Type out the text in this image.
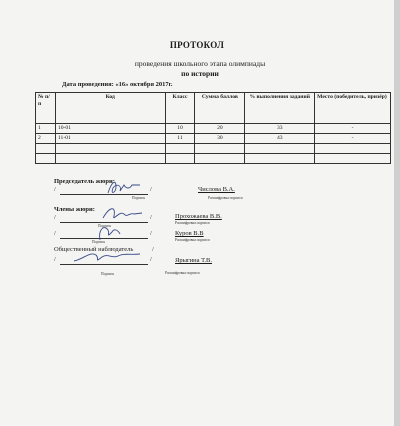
ПРОТОКОЛ
проведения школьного этапа олимпиады
по истории
Дата проведения: «16» октября 2017г.
№ п/п	Код	Класс	Сумма баллов	% выполнения заданий	Место (победитель, призёр)
1	10-01	10	20	33	-
2	11-01	11	30	43	-

Председатель жюри:
/	/	Числова В.А.
Подпись	Расшифровка подписи
Члены жюри:
/	/	Прохожаева В.В.
Подпись
Расшифровка подписи
/	/	Куров В.В
Подпись	Расшифровка подписи
Общественный наблюдатель	/
/	/	Ярыгина Т.В.
Подпись	Расшифровка подписи
